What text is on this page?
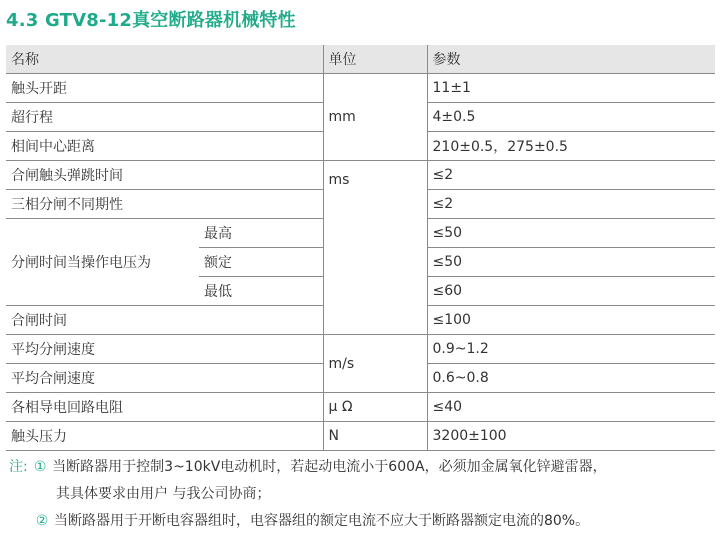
4.3 GTV8-12真空断路器机械特性
名称		单位	参数
触头开距		mm	11±1
超行程			4±0.5
相间中心距离			210±0.5，275±0.5
合闸触头弹跳时间		ms	≤2
三相分闸不同期性			≤2
	最高		≤50
分闸时间当操作电压为	额定		≤50
	最低		≤60
合闸时间			≤100
平均分闸速度		m/s	0.9~1.2
平均合闸速度			0.6~0.8
各相导电回路电阻		μ Ω	≤40
触头压力		N	3200±100
注: ① 当断路器用于控制3~10kV电动机时，若起动电流小于600A，必须加金属氧化锌避雷器，
其具体要求由用户 与我公司协商；
② 当断路器用于开断电容器组时，电容器组的额定电流不应大于断路器额定电流的80%。
